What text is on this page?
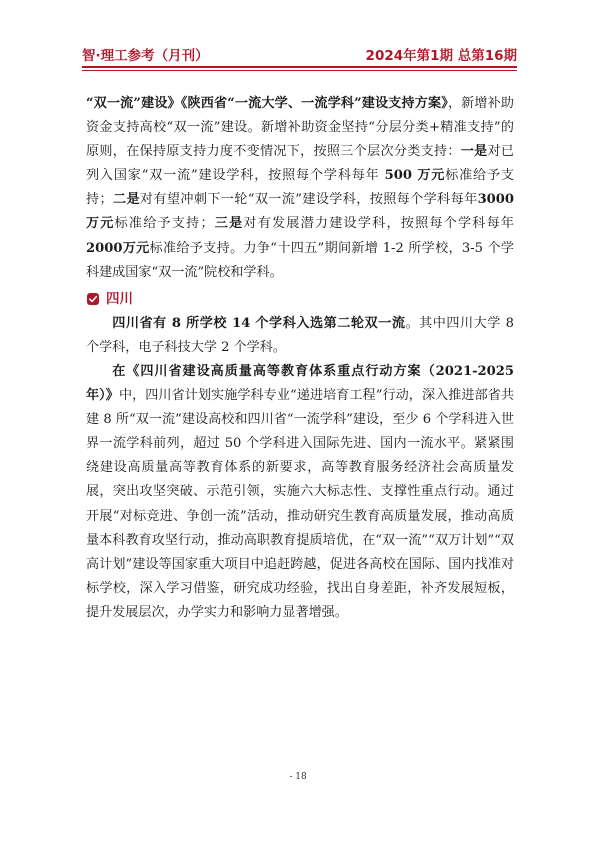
智·理工参考（月刊）	2024年第1期 总第16期

“双一流”建设》《陕西省“一流大学、一流学科”建设支持方案》，新增补助资金支持高校“双一流”建设。新增补助资金坚持“分层分类+精准支持”的原则，在保持原支持力度不变情况下，按照三个层次分类支持：一是对已列入国家“双一流”建设学科，按照每个学科每年 500 万元标准给予支持；二是对有望冲刺下一轮“双一流”建设学科，按照每个学科每年3000万元标准给予支持；三是对有发展潜力建设学科，按照每个学科每年2000万元标准给予支持。力争“十四五”期间新增 1-2 所学校，3-5 个学科建成国家“双一流”院校和学科。

四川

四川省有 8 所学校 14 个学科入选第二轮双一流。其中四川大学 8 个学科，电子科技大学 2 个学科。

在《四川省建设高质量高等教育体系重点行动方案（2021-2025 年）》中，四川省计划实施学科专业“递进培育工程”行动，深入推进部省共建 8 所“双一流”建设高校和四川省“一流学科”建设，至少 6 个学科进入世界一流学科前列，超过 50 个学科进入国际先进、国内一流水平。紧紧围绕建设高质量高等教育体系的新要求，高等教育服务经济社会高质量发展，突出攻坚突破、示范引领，实施六大标志性、支撑性重点行动。通过开展“对标竞进、争创一流”活动，推动研究生教育高质量发展，推动高质量本科教育攻坚行动，推动高职教育提质培优，在“双一流”“双万计划”“双高计划”建设等国家重大项目中追赶跨越，促进各高校在国际、国内找准对标学校，深入学习借鉴，研究成功经验，找出自身差距，补齐发展短板，提升发展层次，办学实力和影响力显著增强。

- 18
